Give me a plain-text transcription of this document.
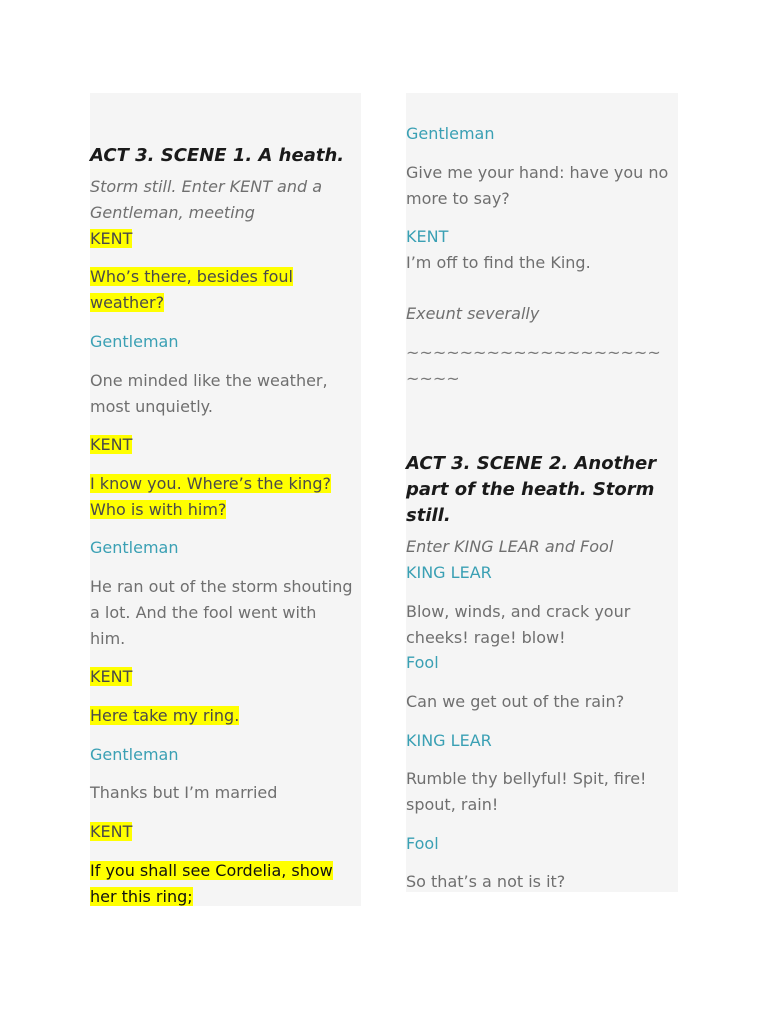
ACT 3. SCENE 1. A heath.
Storm still. Enter KENT and a
Gentleman, meeting
KENT
Who’s there, besides foul
weather?
Gentleman
One minded like the weather,
most unquietly.
KENT
I know you. Where’s the king?
Who is with him?
Gentleman
He ran out of the storm shouting
a lot. And the fool went with
him.
KENT
Here take my ring.
Gentleman
Thanks but I’m married
KENT
If you shall see Cordelia, show
her this ring;
Gentleman
Give me your hand: have you no
more to say?
KENT
I’m off to find the King.
Exeunt severally
~~~~~~~~~~~~~~~~~~~
~~~~
ACT 3. SCENE 2. Another
part of the heath. Storm
still.
Enter KING LEAR and Fool
KING LEAR
Blow, winds, and crack your
cheeks! rage! blow!
Fool
Can we get out of the rain?
KING LEAR
Rumble thy bellyful! Spit, fire!
spout, rain!
Fool
So that’s a not is it?
